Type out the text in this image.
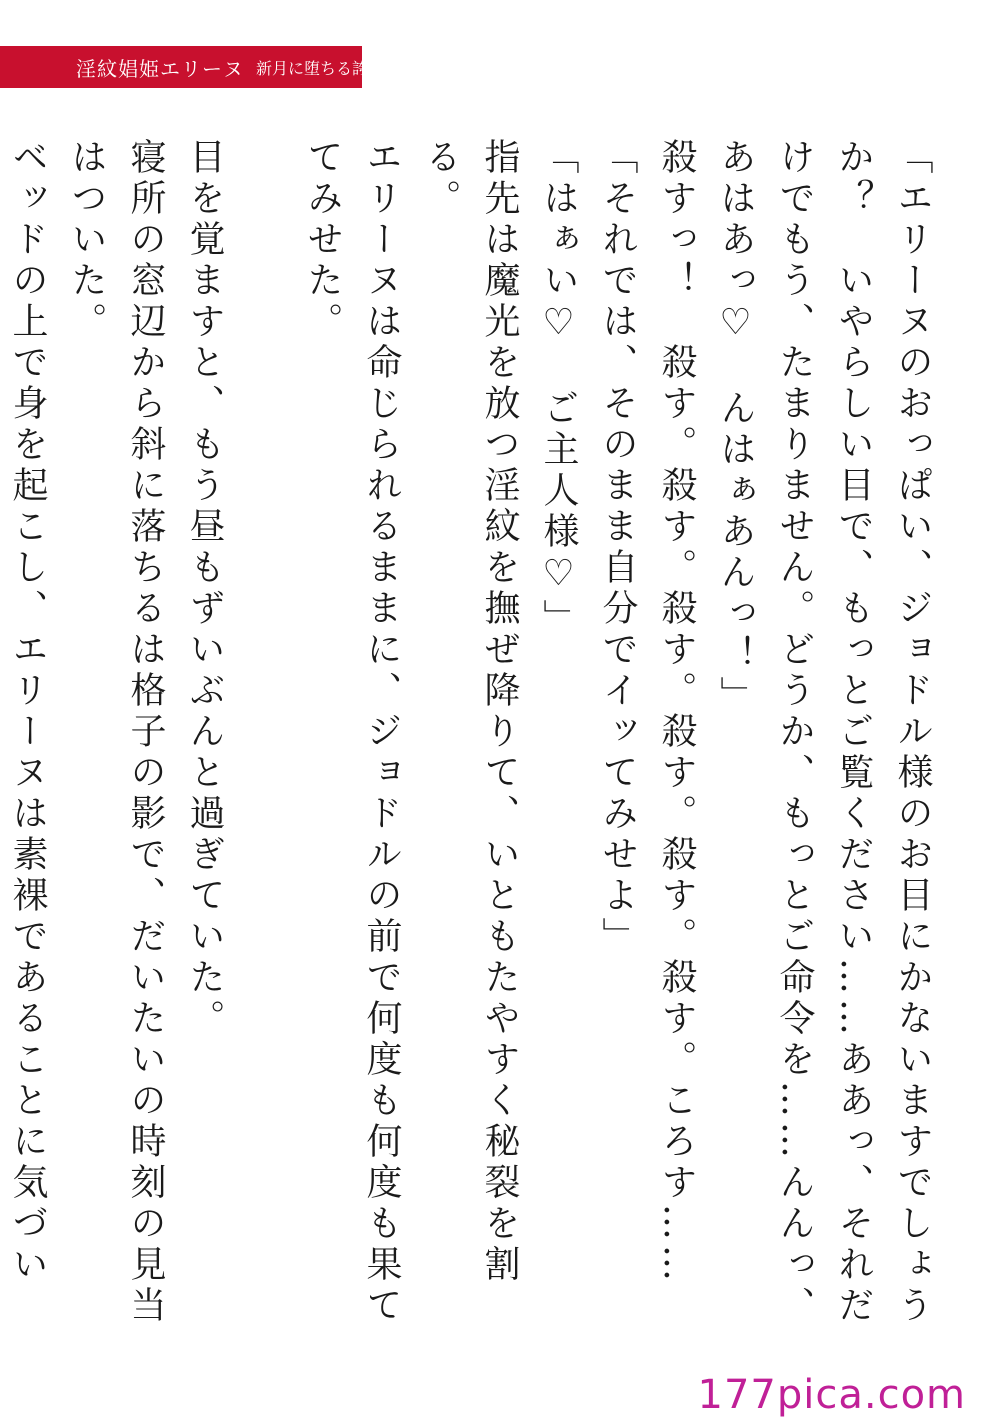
淫紋娼姫エリーヌ 新月に堕ちる誇り

「エリーヌのおっぱい、ジョドル様のお目にかないますでしょうか？　いやらしい目で、もっとご覧ください……ああっ、それだけでもう、たまりません。どうか、もっとご命令を……んんっ、あはあっ♡　んはぁあんっ！」

殺すっ！　殺す。殺す。殺す。殺す。殺す。殺す。ころす……

「それでは、そのまま自分でイッてみせよ」

「はぁい♡　ご主人様♡」

指先は魔光を放つ淫紋を撫ぜ降りて、いともたやすく秘裂を割る。

エリーヌは命じられるままに、ジョドルの前で何度も何度も果ててみせた。

目を覚ますと、もう昼もずいぶんと過ぎていた。

寝所の窓辺から斜に落ちるは格子の影で、だいたいの時刻の見当はついた。

ベッドの上で身を起こし、エリーヌは素裸であることに気づい

177pica.com
